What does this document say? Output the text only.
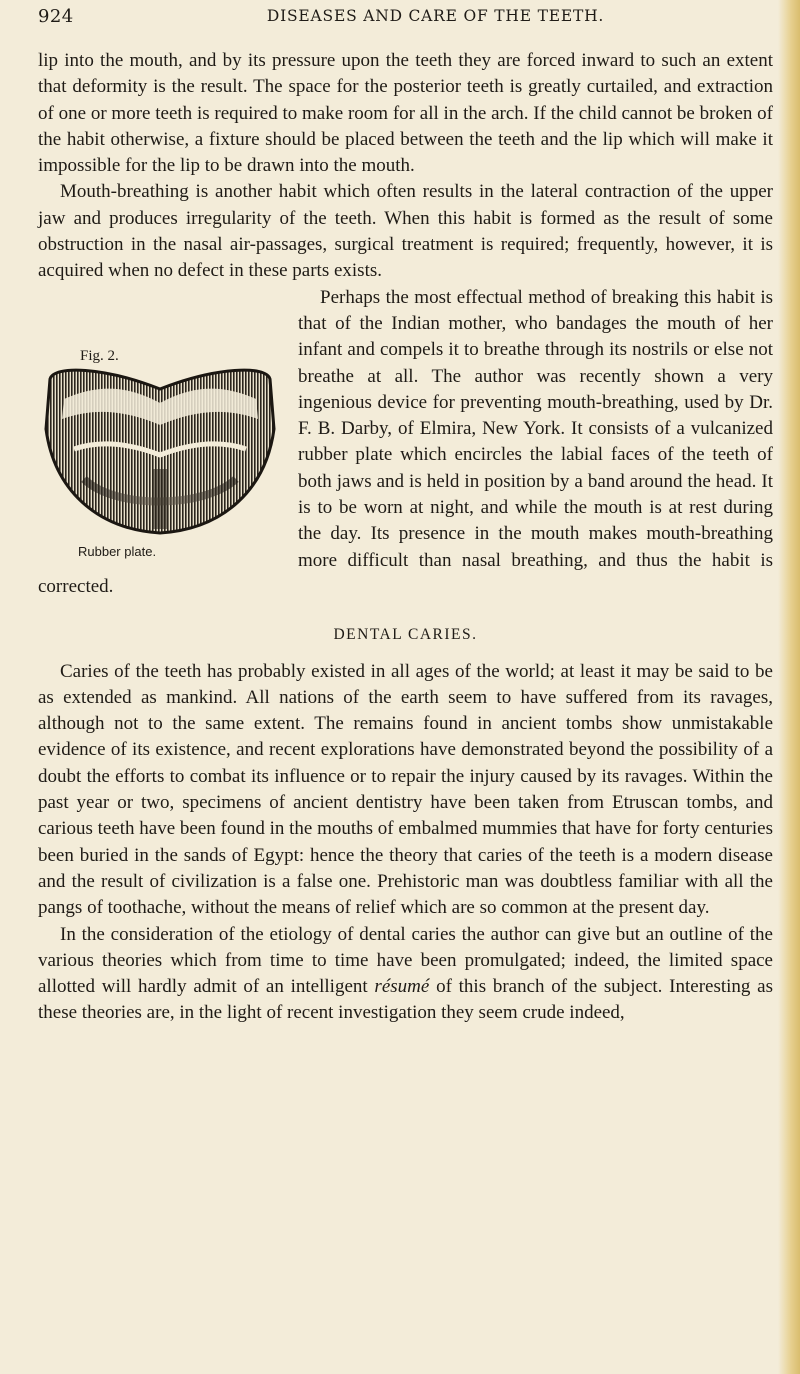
924	DISEASES AND CARE OF THE TEETH.

lip into the mouth, and by its pressure upon the teeth they are forced inward to such an extent that deformity is the result. The space for the posterior teeth is greatly curtailed, and extraction of one or more teeth is required to make room for all in the arch. If the child cannot be broken of the habit otherwise, a fixture should be placed between the teeth and the lip which will make it impossible for the lip to be drawn into the mouth.

Mouth-breathing is another habit which often results in the lateral contraction of the upper jaw and produces irregularity of the teeth. When this habit is formed as the result of some obstruction in the nasal air-passages, surgical treatment is required; frequently, however, it is acquired when no defect in these parts exists.

Fig. 2.
Rubber plate.

Perhaps the most effectual method of breaking this habit is that of the Indian mother, who bandages the mouth of her infant and compels it to breathe through its nostrils or else not breathe at all. The author was recently shown a very ingenious device for preventing mouth-breathing, used by Dr. F. B. Darby, of Elmira, New York. It consists of a vulcanized rubber plate which encircles the labial faces of the teeth of both jaws and is held in position by a band around the head. It is to be worn at night, and while the mouth is at rest during the day. Its presence in the mouth makes mouth-breathing more difficult than nasal breathing, and thus the habit is corrected.

DENTAL CARIES.

Caries of the teeth has probably existed in all ages of the world; at least it may be said to be as extended as mankind. All nations of the earth seem to have suffered from its ravages, although not to the same extent. The remains found in ancient tombs show unmistakable evidence of its existence, and recent explorations have demonstrated beyond the possibility of a doubt the efforts to combat its influence or to repair the injury caused by its ravages. Within the past year or two, specimens of ancient dentistry have been taken from Etruscan tombs, and carious teeth have been found in the mouths of embalmed mummies that have for forty centuries been buried in the sands of Egypt: hence the theory that caries of the teeth is a modern disease and the result of civilization is a false one. Prehistoric man was doubtless familiar with all the pangs of toothache, without the means of relief which are so common at the present day.

In the consideration of the etiology of dental caries the author can give but an outline of the various theories which from time to time have been promulgated; indeed, the limited space allotted will hardly admit of an intelligent résumé of this branch of the subject. Interesting as these theories are, in the light of recent investigation they seem crude indeed,
